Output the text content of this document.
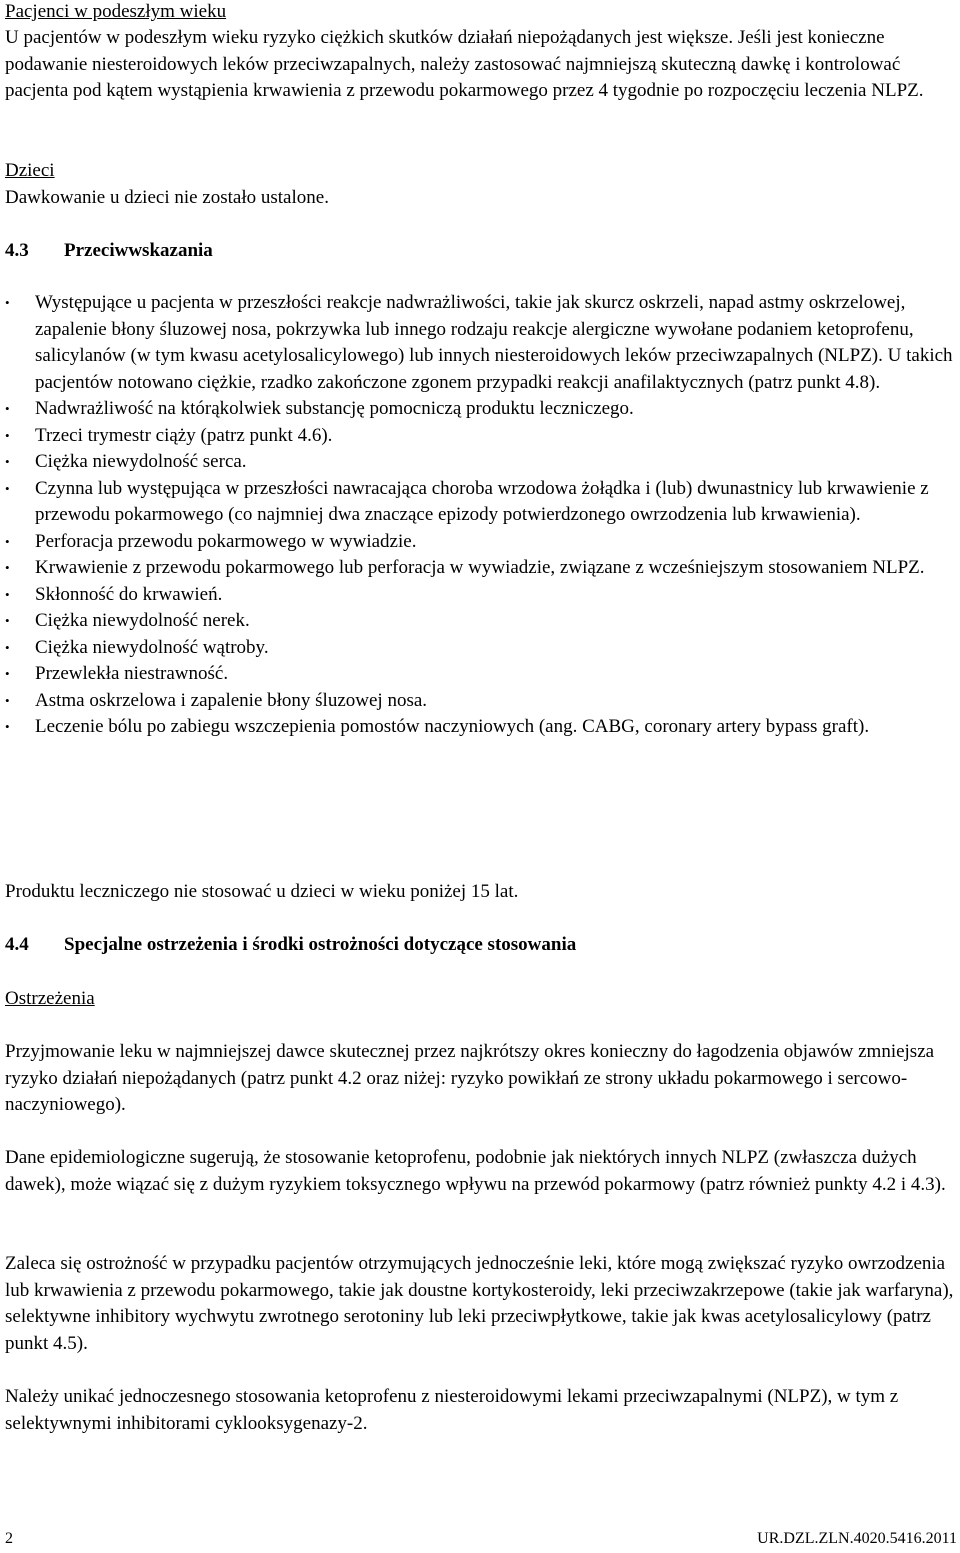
Pacjenci w podeszłym wieku
U pacjentów w podeszłym wieku ryzyko ciężkich skutków działań niepożądanych jest większe. Jeśli jest konieczne podawanie niesteroidowych leków przeciwzapalnych, należy zastosować najmniejszą skuteczną dawkę i kontrolować pacjenta pod kątem wystąpienia krwawienia z przewodu pokarmowego przez 4 tygodnie po rozpoczęciu leczenia NLPZ.
Dzieci
Dawkowanie u dzieci nie zostało ustalone.
4.3 Przeciwwskazania
• Występujące u pacjenta w przeszłości reakcje nadwrażliwości, takie jak skurcz oskrzeli, napad astmy oskrzelowej, zapalenie błony śluzowej nosa, pokrzywka lub innego rodzaju reakcje alergiczne wywołane podaniem ketoprofenu, salicylanów (w tym kwasu acetylosalicylowego) lub innych niesteroidowych leków przeciwzapalnych (NLPZ). U takich pacjentów notowano ciężkie, rzadko zakończone zgonem przypadki reakcji anafilaktycznych (patrz punkt 4.8).
• Nadwrażliwość na którąkolwiek substancję pomocniczą produktu leczniczego.
• Trzeci trymestr ciąży (patrz punkt 4.6).
• Ciężka niewydolność serca.
• Czynna lub występująca w przeszłości nawracająca choroba wrzodowa żołądka i (lub) dwunastnicy lub krwawienie z przewodu pokarmowego (co najmniej dwa znaczące epizody potwierdzonego owrzodzenia lub krwawienia).
• Perforacja przewodu pokarmowego w wywiadzie.
• Krwawienie z przewodu pokarmowego lub perforacja w wywiadzie, związane z wcześniejszym stosowaniem NLPZ.
• Skłonność do krwawień.
• Ciężka niewydolność nerek.
• Ciężka niewydolność wątroby.
• Przewlekła niestrawność.
• Astma oskrzelowa i zapalenie błony śluzowej nosa.
• Leczenie bólu po zabiegu wszczepienia pomostów naczyniowych (ang. CABG, coronary artery bypass graft).
Produktu leczniczego nie stosować u dzieci w wieku poniżej 15 lat.
4.4 Specjalne ostrzeżenia i środki ostrożności dotyczące stosowania
Ostrzeżenia
Przyjmowanie leku w najmniejszej dawce skutecznej przez najkrótszy okres konieczny do łagodzenia objawów zmniejsza ryzyko działań niepożądanych (patrz punkt 4.2 oraz niżej: ryzyko powikłań ze strony układu pokarmowego i sercowo-naczyniowego).
Dane epidemiologiczne sugerują, że stosowanie ketoprofenu, podobnie jak niektórych innych NLPZ (zwłaszcza dużych dawek), może wiązać się z dużym ryzykiem toksycznego wpływu na przewód pokarmowy (patrz również punkty 4.2 i 4.3).
Zaleca się ostrożność w przypadku pacjentów otrzymujących jednocześnie leki, które mogą zwiększać ryzyko owrzodzenia lub krwawienia z przewodu pokarmowego, takie jak doustne kortykosteroidy, leki przeciwzakrzepowe (takie jak warfaryna), selektywne inhibitory wychwytu zwrotnego serotoniny lub leki przeciwpłytkowe, takie jak kwas acetylosalicylowy (patrz punkt 4.5).
Należy unikać jednoczesnego stosowania ketoprofenu z niesteroidowymi lekami przeciwzapalnymi (NLPZ), w tym z selektywnymi inhibitorami cyklooksygenazy-2.
2	UR.DZL.ZLN.4020.5416.2011
